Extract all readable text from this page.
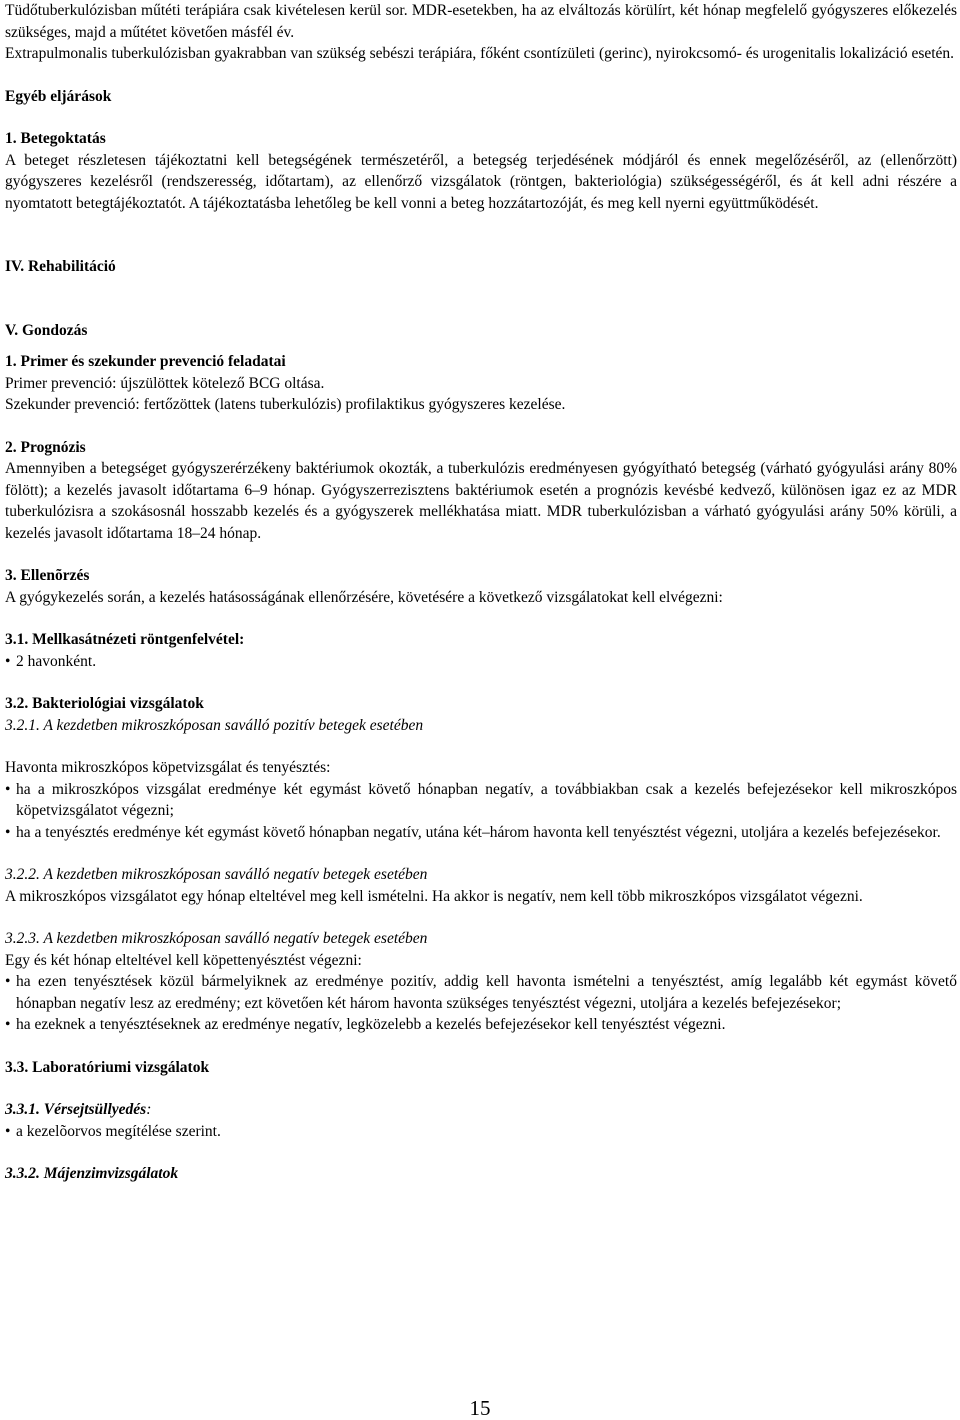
Tüdőtuberkulózisban műtéti terápiára csak kivételesen kerül sor. MDR-esetekben, ha az elváltozás körülírt, két hónap megfelelő gyógyszeres előkezelés szükséges, majd a műtétet követően másfél év.

Extrapulmonalis tuberkulózisban gyakrabban van szükség sebészi terápiára, főként csontízületi (gerinc), nyirokcsomó- és urogenitalis lokalizáció esetén.

Egyéb eljárások

1. Betegoktatás

A beteget részletesen tájékoztatni kell betegségének természetéről, a betegség terjedésének módjáról és ennek megelőzéséről, az (ellenőrzött) gyógyszeres kezelésről (rendszeresség, időtartam), az ellenőrző vizsgálatok (röntgen, bakteriológia) szükségességéről, és át kell adni részére a nyomtatott betegtájékoztatót. A tájékoztatásba lehetőleg be kell vonni a beteg hozzátartozóját, és meg kell nyerni együttműködését.

IV. Rehabilitáció

V. Gondozás

1. Primer és szekunder prevenció feladatai

Primer prevenció: újszülöttek kötelező BCG oltása.

Szekunder prevenció: fertőzöttek (latens tuberkulózis) profilaktikus gyógyszeres kezelése.

2. Prognózis

Amennyiben a betegséget gyógyszerérzékeny baktériumok okozták, a tuberkulózis eredményesen gyógyítható betegség (várható gyógyulási arány 80% fölött); a kezelés javasolt időtartama 6–9 hónap. Gyógyszerrezisztens baktériumok esetén a prognózis kevésbé kedvező, különösen igaz ez az MDR tuberkulózisra a szokásosnál hosszabb kezelés és a gyógyszerek mellékhatása miatt. MDR tuberkulózisban a várható gyógyulási arány 50% körüli, a kezelés javasolt időtartama 18–24 hónap.

3. Ellenõrzés

A gyógykezelés során, a kezelés hatásosságának ellenőrzésére, követésére a következő vizsgálatokat kell elvégezni:

3.1. Mellkasátnézeti röntgenfelvétel:

• 2 havonként.

3.2. Bakteriológiai vizsgálatok

3.2.1. A kezdetben mikroszkóposan saválló pozitív betegek esetében

Havonta mikroszkópos köpetvizsgálat és tenyésztés:

• ha a mikroszkópos vizsgálat eredménye két egymást követő hónapban negatív, a továbbiakban csak a kezelés befejezésekor kell mikroszkópos köpetvizsgálatot végezni;
• ha a tenyésztés eredménye két egymást követő hónapban negatív, utána két–három havonta kell tenyésztést végezni, utoljára a kezelés befejezésekor.

3.2.2. A kezdetben mikroszkóposan saválló negatív betegek esetében

A mikroszkópos vizsgálatot egy hónap elteltével meg kell ismételni. Ha akkor is negatív, nem kell több mikroszkópos vizsgálatot végezni.

3.2.3. A kezdetben mikroszkóposan saválló negatív betegek esetében

Egy és két hónap elteltével kell köpettenyésztést végezni:

• ha ezen tenyésztések közül bármelyiknek az eredménye pozitív, addig kell havonta ismételni a tenyésztést, amíg legalább két egymást követő hónapban negatív lesz az eredmény; ezt követően két három havonta szükséges tenyésztést végezni, utoljára a kezelés befejezésekor;
• ha ezeknek a tenyésztéseknek az eredménye negatív, legközelebb a kezelés befejezésekor kell tenyésztést végezni.

3.3. Laboratóriumi vizsgálatok

3.3.1. Vérsejtsüllyedés:

• a kezelõorvos megítélése szerint.

3.3.2. Májenzimvizsgálatok

15
